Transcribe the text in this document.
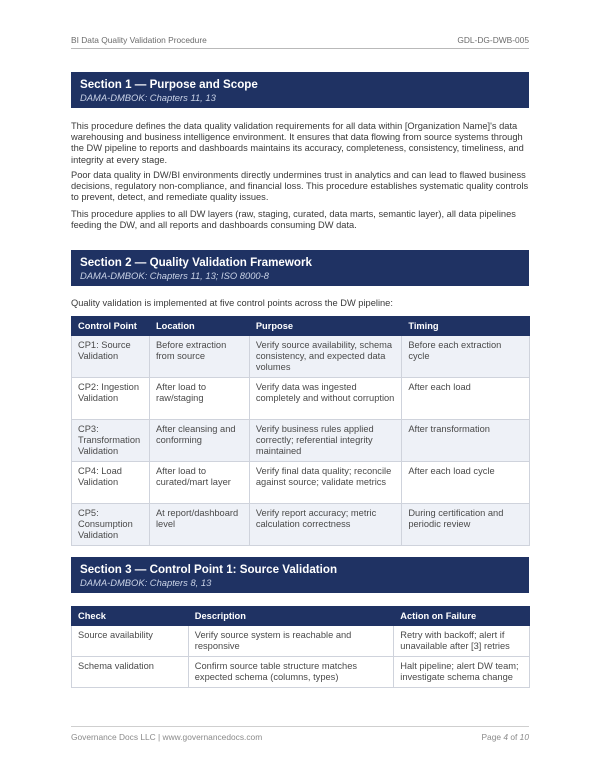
BI Data Quality Validation Procedure	GDL-DG-DWB-005
Section 1 — Purpose and Scope
DAMA-DMBOK: Chapters 11, 13
This procedure defines the data quality validation requirements for all data within [Organization Name]'s data warehousing and business intelligence environment. It ensures that data flowing from source systems through the DW pipeline to reports and dashboards maintains its accuracy, completeness, consistency, timeliness, and integrity at every stage.
Poor data quality in DW/BI environments directly undermines trust in analytics and can lead to flawed business decisions, regulatory non-compliance, and financial loss. This procedure establishes systematic quality controls to prevent, detect, and remediate quality issues.
This procedure applies to all DW layers (raw, staging, curated, data marts, semantic layer), all data pipelines feeding the DW, and all reports and dashboards consuming DW data.
Section 2 — Quality Validation Framework
DAMA-DMBOK: Chapters 11, 13; ISO 8000-8
Quality validation is implemented at five control points across the DW pipeline:
Control Point	Location	Purpose	Timing
CP1: Source Validation	Before extraction from source	Verify source availability, schema consistency, and expected data volumes	Before each extraction cycle
CP2: Ingestion Validation	After load to raw/staging	Verify data was ingested completely and without corruption	After each load
CP3: Transformation Validation	After cleansing and conforming	Verify business rules applied correctly; referential integrity maintained	After transformation
CP4: Load Validation	After load to curated/mart layer	Verify final data quality; reconcile against source; validate metrics	After each load cycle
CP5: Consumption Validation	At report/dashboard level	Verify report accuracy; metric calculation correctness	During certification and periodic review
Section 3 — Control Point 1: Source Validation
DAMA-DMBOK: Chapters 8, 13
Check	Description	Action on Failure
Source availability	Verify source system is reachable and responsive	Retry with backoff; alert if unavailable after [3] retries
Schema validation	Confirm source table structure matches expected schema (columns, types)	Halt pipeline; alert DW team; investigate schema change
Governance Docs LLC | www.governancedocs.com	Page 4 of 10
